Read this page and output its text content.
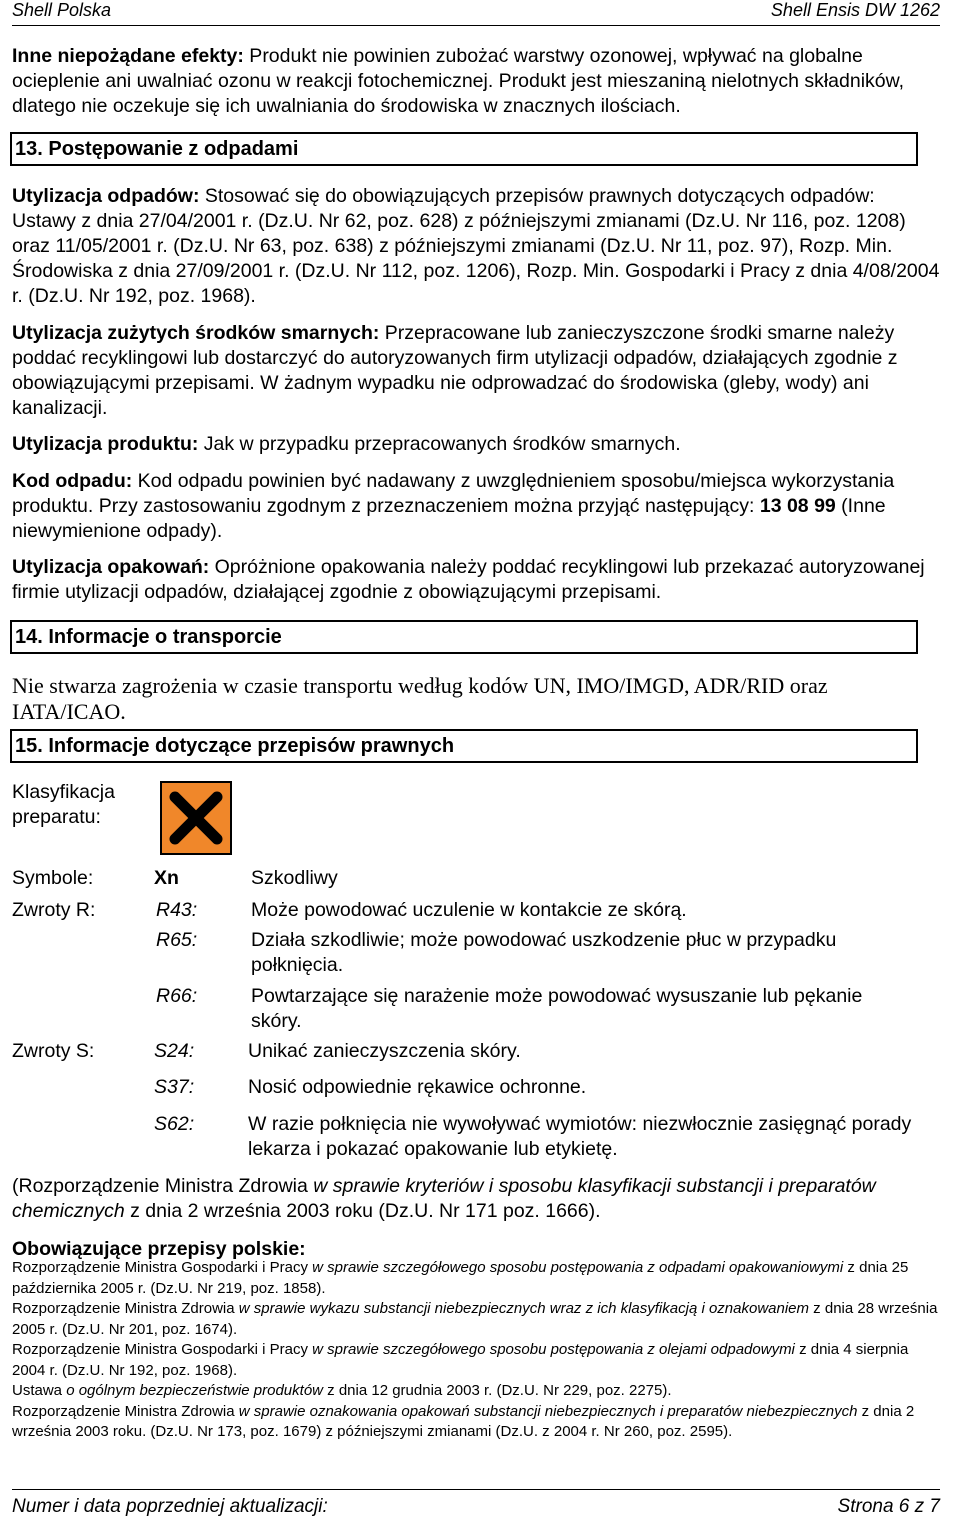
Shell Polska	Shell Ensis DW 1262
Inne niepożądane efekty: Produkt nie powinien zubożać warstwy ozonowej, wpływać na globalne ocieplenie ani uwalniać ozonu w reakcji fotochemicznej. Produkt jest mieszaniną nielotnych składników, dlatego nie oczekuje się ich uwalniania do środowiska w znacznych ilościach.
13. Postępowanie z odpadami
Utylizacja odpadów: Stosować się do obowiązujących przepisów prawnych dotyczących odpadów: Ustawy z dnia 27/04/2001 r. (Dz.U. Nr 62, poz. 628) z późniejszymi zmianami (Dz.U. Nr 116, poz. 1208) oraz 11/05/2001 r. (Dz.U. Nr 63, poz. 638) z późniejszymi zmianami (Dz.U. Nr 11, poz. 97), Rozp. Min. Środowiska z dnia 27/09/2001 r. (Dz.U. Nr 112, poz. 1206), Rozp. Min. Gospodarki i Pracy z dnia 4/08/2004 r. (Dz.U. Nr 192, poz. 1968).
Utylizacja zużytych środków smarnych: Przepracowane lub zanieczyszczone środki smarne należy poddać recyklingowi lub dostarczyć do autoryzowanych firm utylizacji odpadów, działających zgodnie z obowiązującymi przepisami. W żadnym wypadku nie odprowadzać do środowiska (gleby, wody) ani kanalizacji.
Utylizacja produktu: Jak w przypadku przepracowanych środków smarnych.
Kod odpadu: Kod odpadu powinien być nadawany z uwzględnieniem sposobu/miejsca wykorzystania produktu. Przy zastosowaniu zgodnym z przeznaczeniem można przyjąć następujący: 13 08 99 (Inne niewymienione odpady).
Utylizacja opakowań: Opróżnione opakowania należy poddać recyklingowi lub przekazać autoryzowanej firmie utylizacji odpadów, działającej zgodnie z obowiązującymi przepisami.
14. Informacje o transporcie
Nie stwarza zagrożenia w czasie transportu według kodów UN, IMO/IMGD, ADR/RID oraz IATA/ICAO.
15. Informacje dotyczące przepisów prawnych
Klasyfikacja preparatu:
Symbole:	Xn	Szkodliwy
Zwroty R:	R43:	Może powodować uczulenie w kontakcie ze skórą.
R65:	Działa szkodliwie; może powodować uszkodzenie płuc w przypadku połknięcia.
R66:	Powtarzające się narażenie może powodować wysuszanie lub pękanie skóry.
Zwroty S:	S24:	Unikać zanieczyszczenia skóry.
S37:	Nosić odpowiednie rękawice ochronne.
S62:	W razie połknięcia nie wywoływać wymiotów: niezwłocznie zasięgnąć porady lekarza i pokazać opakowanie lub etykietę.
(Rozporządzenie Ministra Zdrowia w sprawie kryteriów i sposobu klasyfikacji substancji i preparatów chemicznych z dnia 2 września 2003 roku (Dz.U. Nr 171 poz. 1666).
Obowiązujące przepisy polskie:
Rozporządzenie Ministra Gospodarki i Pracy w sprawie szczegółowego sposobu postępowania z odpadami opakowaniowymi z dnia 25 października 2005 r. (Dz.U. Nr 219, poz. 1858).
Rozporządzenie Ministra Zdrowia w sprawie wykazu substancji niebezpiecznych wraz z ich klasyfikacją i oznakowaniem z dnia 28 września 2005 r. (Dz.U. Nr 201, poz. 1674).
Rozporządzenie Ministra Gospodarki i Pracy w sprawie szczegółowego sposobu postępowania z olejami odpadowymi z dnia 4 sierpnia 2004 r. (Dz.U. Nr 192, poz. 1968).
Ustawa o ogólnym bezpieczeństwie produktów z dnia 12 grudnia 2003 r. (Dz.U. Nr 229, poz. 2275).
Rozporządzenie Ministra Zdrowia w sprawie oznakowania opakowań substancji niebezpiecznych i preparatów niebezpiecznych z dnia 2 września 2003 roku. (Dz.U. Nr 173, poz. 1679) z późniejszymi zmianami (Dz.U. z 2004 r. Nr 260, poz. 2595).
Numer i data poprzedniej aktualizacji:	Strona 6 z 7
